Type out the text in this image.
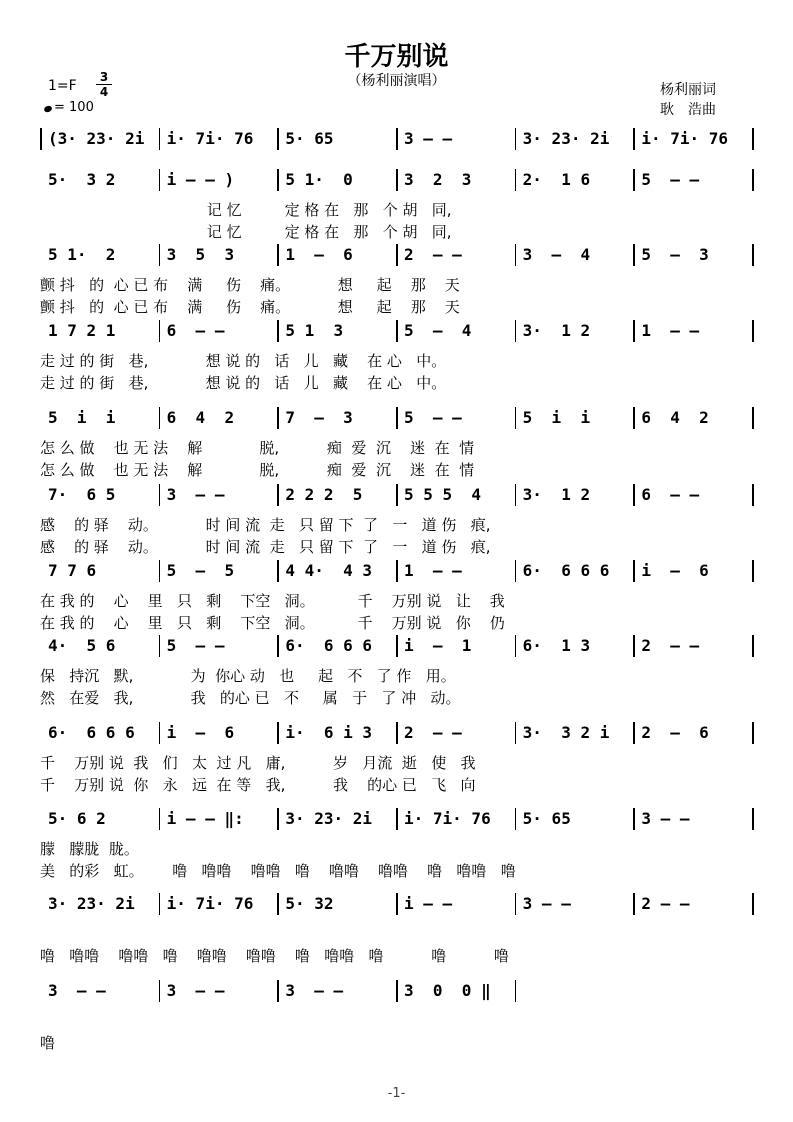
千万别说
（杨利丽演唱）
1=F
3
4
= 100
杨利丽词
耿　浩曲
(3· 23· 2i	i· 7i· 76	5· 65	3 – –	3· 23· 2i	i· 7i· 76
5·  3 2	i – – )	5 1·  0	3  2  3	2·  1 6	5  – –
记 忆         定 格 在   那   个 胡   同,
记 忆         定 格 在   那   个 胡   同,
5 1·  2	3  5  3	1  –  6	2  – –	3  –  4	5  –  3
颤 抖   的  心 已 布    满     伤    痛。          想     起    那    天
颤 抖   的  心 已 布    满     伤    痛。          想     起    那    天
1 7 2 1	6  – –	5 1  3	5  –  4	3·  1 2	1  – –
走 过 的 街   巷,            想 说 的   话   儿   藏    在 心   中。
走 过 的 街   巷,            想 说 的   话   儿   藏    在 心   中。
5  i  i	6  4  2	7  –  3	5  – –	5  i  i	6  4  2
怎 么 做    也 无 法    解            脱,          痴  爱  沉    迷  在  情
怎 么 做    也 无 法    解            脱,          痴  爱  沉    迷  在  情
7·  6 5	3  – –	2 2 2  5	5 5 5  4	3·  1 2	6  – –
感    的 驿    动。          时 间 流  走   只 留 下  了   一   道 伤   痕,
感    的 驿    动。          时 间 流  走   只 留 下  了   一   道 伤   痕,
7 7 6	5  –  5	4 4·  4 3	1  – –	6·  6 6 6	i  –  6
在 我 的    心    里   只   剩    下空   洞。         千    万别 说   让    我
在 我 的    心    里   只   剩    下空   洞。         千    万别 说   你    仍
4·  5 6	5  – –	6·  6 6 6	i  –  1	6·  1 3	2  – –
保   持沉   默,            为  你心 动   也     起   不   了 作   用。
然   在爱   我,            我   的心 已   不     属   于   了 冲   动。
6·  6 6 6	i  –  6	i·  6 i 3	2  – –	3·  3 2 i	2  –  6
千    万别 说  我   们   太  过 凡   庸,          岁   月流  逝   使   我
千    万别 说  你   永   远  在 等   我,          我    的心 已   飞   向
5· 6 2	i – – ‖:	3· 23· 2i	i· 7i· 76	5· 65	3 – –
朦   朦胧  胧。
美   的彩   虹。      噜   噜噜    噜噜   噜    噜噜    噜噜    噜   噜噜   噜
3· 23· 2i	i· 7i· 76	5· 32	i – –	3 – –	2 – –
噜   噜噜    噜噜   噜    噜噜    噜噜    噜   噜噜   噜          噜          噜
3  – –	3  – –	3  – –	3  0  0 ‖
噜
-1-
